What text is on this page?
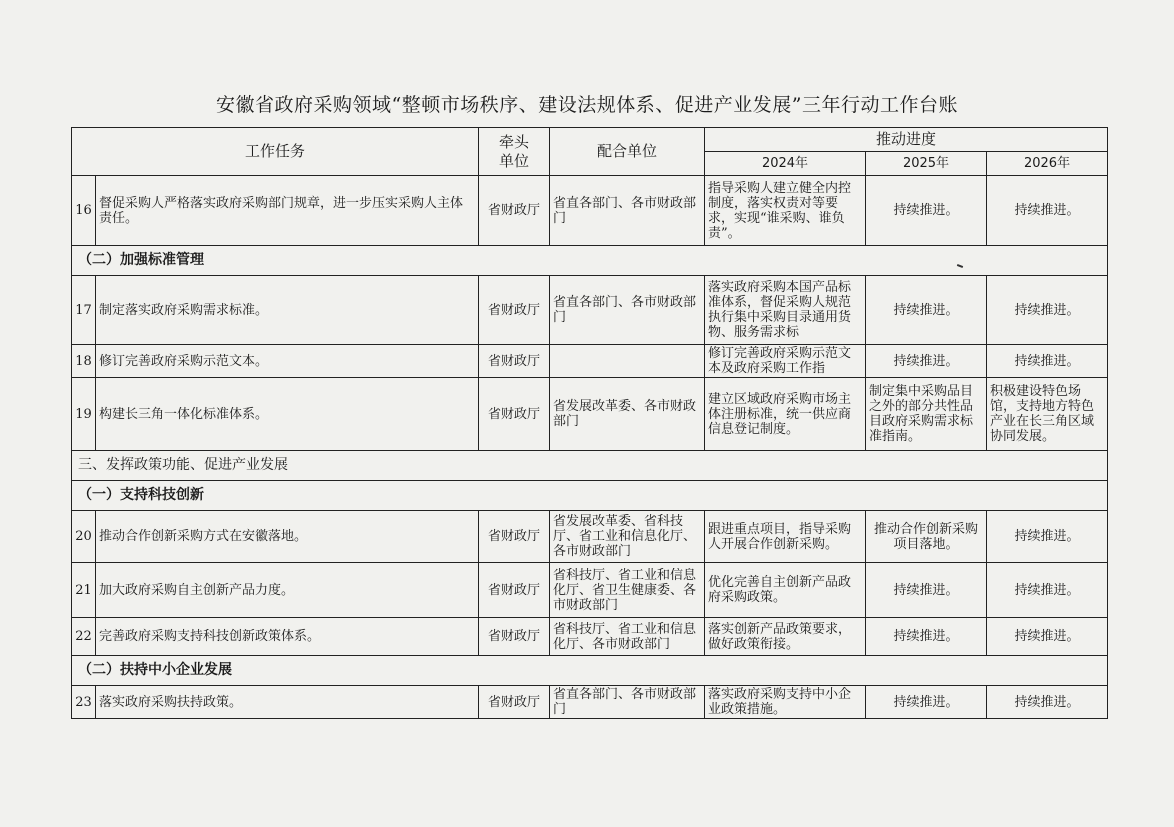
安徽省政府采购领域“整顿市场秩序、建设法规体系、促进产业发展”三年行动工作台账
工作任务		牵头单位	配合单位	推动进度		
				2024年	2025年	2026年
16	督促采购人严格落实政府采购部门规章，进一步压实采购人主体责任。	省财政厅	省直各部门、各市财政部门	指导采购人建立健全内控制度，落实权责对等要求，实现“谁采购、谁负责”。	持续推进。	持续推进。
（二）加强标准管理						
17	制定落实政府采购需求标准。	省财政厅	省直各部门、各市财政部门	落实政府采购本国产品标准体系，督促采购人规范执行集中采购目录通用货物、服务需求标	持续推进。	持续推进。
18	修订完善政府采购示范文本。	省财政厅		修订完善政府采购示范文本及政府采购工作指	持续推进。	持续推进。
19	构建长三角一体化标准体系。	省财政厅	省发展改革委、各市财政部门	建立区域政府采购市场主体注册标准，统一供应商信息登记制度。	制定集中采购品目之外的部分共性品目政府采购需求标准指南。	积极建设特色场馆，支持地方特色产业在长三角区域协同发展。

三、发挥政策功能、促进产业发展						
（一）支持科技创新						
20	推动合作创新采购方式在安徽落地。	省财政厅	省发展改革委、省科技厅、省工业和信息化厅、各市财政部门	跟进重点项目，指导采购人开展合作创新采购。	推动合作创新采购项目落地。	持续推进。
21	加大政府采购自主创新产品力度。	省财政厅	省科技厅、省工业和信息化厅、省卫生健康委、各市财政部门	优化完善自主创新产品政府采购政策。	持续推进。	持续推进。
22	完善政府采购支持科技创新政策体系。	省财政厅	省科技厅、省工业和信息化厅、各市财政部门	落实创新产品政策要求，做好政策衔接。	持续推进。	持续推进。
（二）扶持中小企业发展						
23	落实政府采购扶持政策。	省财政厅	省直各部门、各市财政部门	落实政府采购支持中小企业政策措施。	持续推进。	持续推进。
